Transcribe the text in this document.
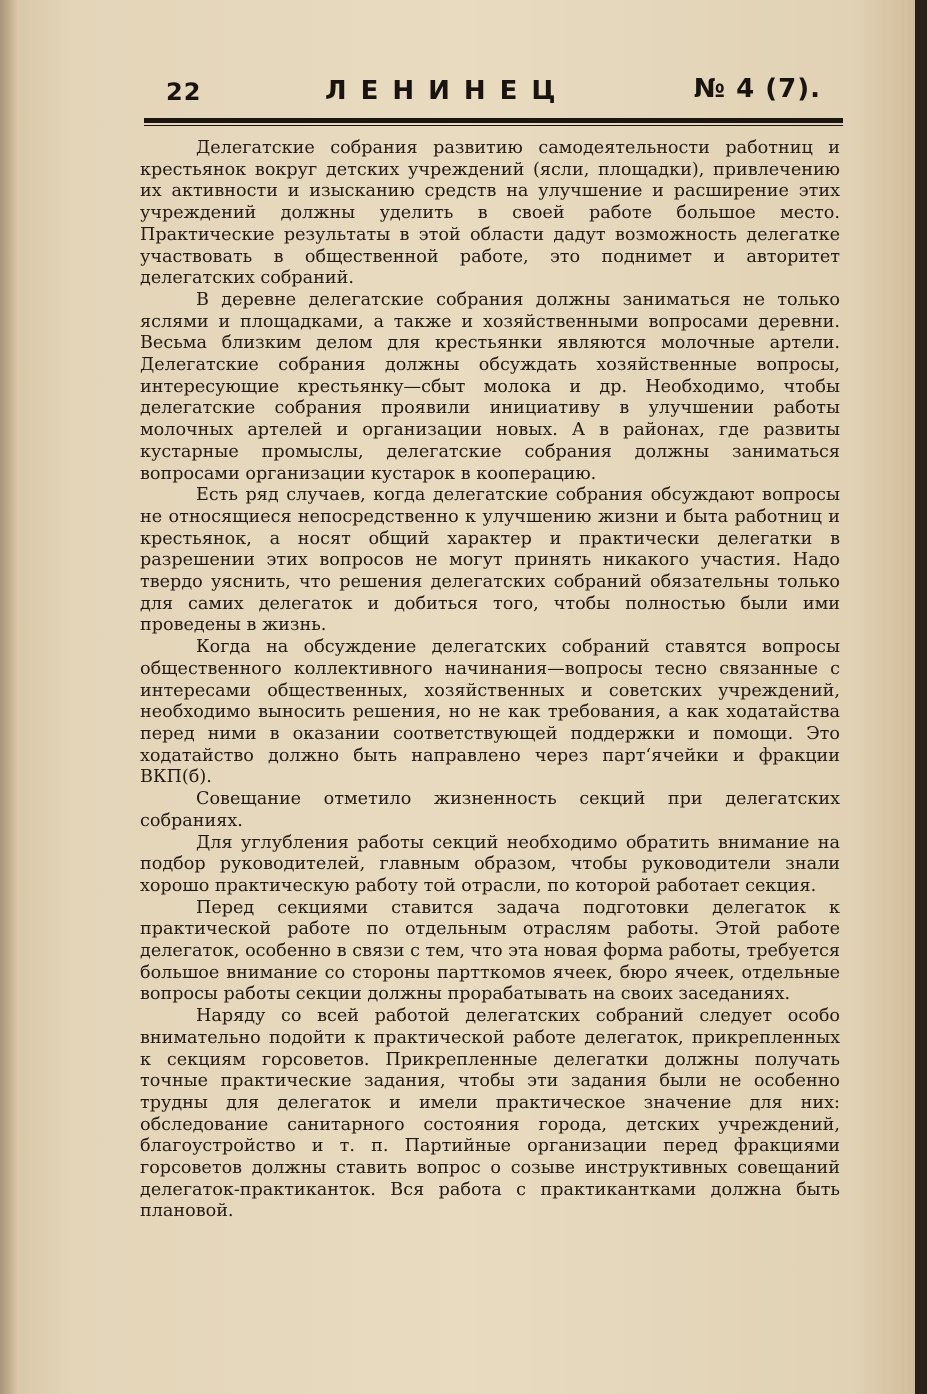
22	ЛЕНИНЕЦ	№ 4 (7).

Делегатские собрания развитию самодеятельности работниц и крестьянок вокруг детских учреждений (ясли, площадки), привлечению их активности и изысканию средств на улучшение и расширение этих учреждений должны уделить в своей работе большое место. Практические результаты в этой области дадут возможность делегатке участвовать в общественной работе, это поднимет и авторитет делегатских собраний.

В деревне делегатские собрания должны заниматься не только яслями и площадками, а также и хозяйственными вопросами деревни. Весьма близким делом для крестьянки являются молочные артели. Делегатские собрания должны обсуждать хозяйственные вопросы, интересующие крестьянку—сбыт молока и др. Необходимо, чтобы делегатские собрания проявили инициативу в улучшении работы молочных артелей и организации новых. А в районах, где развиты кустарные промыслы, делегатские собрания должны заниматься вопросами организации кустарок в кооперацию.

Есть ряд случаев, когда делегатские собрания обсуждают вопросы не относящиеся непосредственно к улучшению жизни и быта работниц и крестьянок, а носят общий характер и практически делегатки в разрешении этих вопросов не могут принять никакого участия. Надо твердо уяснить, что решения делегатских собраний обязательны только для самих делегаток и добиться того, чтобы полностью были ими проведены в жизнь.

Когда на обсуждение делегатских собраний ставятся вопросы общественного коллективного начинания—вопросы тесно связанные с интересами общественных, хозяйственных и советских учреждений, необходимо выносить решения, но не как требования, а как ходатайства перед ними в оказании соответствующей поддержки и помощи. Это ходатайство должно быть направлено через парт‘ячейки и фракции ВКП(б).

Совещание отметило жизненность секций при делегатских собраниях.

Для углубления работы секций необходимо обратить внимание на подбор руководителей, главным образом, чтобы руководители знали хорошо практическую работу той отрасли, по которой работает секция.

Перед секциями ставится задача подготовки делегаток к практической работе по отдельным отраслям работы. Этой работе делегаток, особенно в связи с тем, что эта новая форма работы, требуется большое внимание со стороны партткомов ячеек, бюро ячеек, отдельные вопросы работы секции должны прорабатывать на своих заседаниях.

Наряду со всей работой делегатских собраний следует особо внимательно подойти к практической работе делегаток, прикрепленных к секциям горсоветов. Прикрепленные делегатки должны получать точные практические задания, чтобы эти задания были не особенно трудны для делегаток и имели практическое значение для них: обследование санитарного состояния города, детских учреждений, благоустройство и т. п. Партийные организации перед фракциями горсоветов должны ставить вопрос о созыве инструктивных совещаний делегаток-практиканток. Вся работа с практикантками должна быть плановой.
